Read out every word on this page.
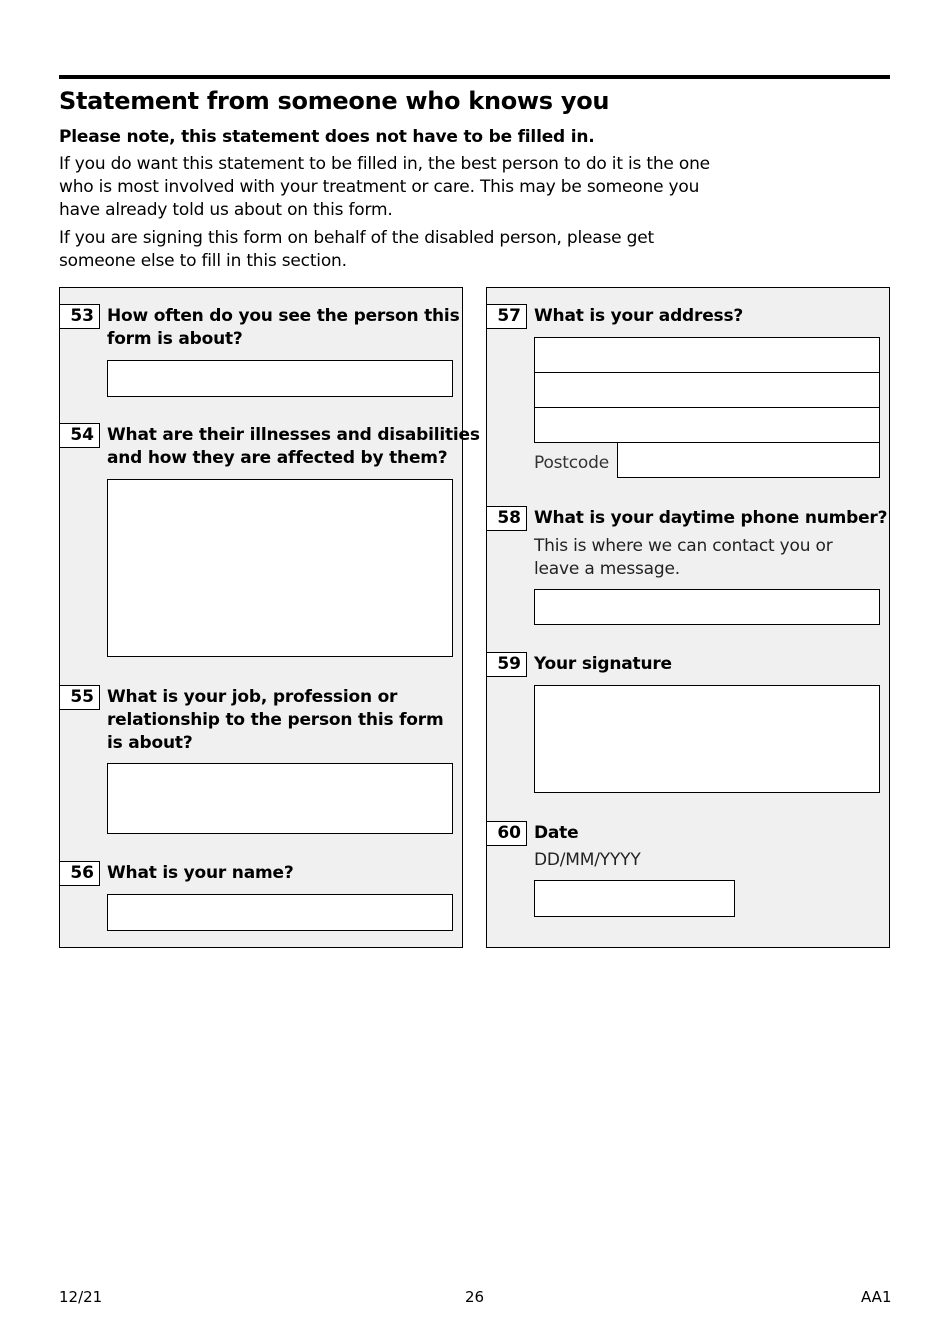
Statement from someone who knows you
Please note, this statement does not have to be filled in.
If you do want this statement to be filled in, the best person to do it is the one
who is most involved with your treatment or care. This may be someone you
have already told us about on this form.
If you are signing this form on behalf of the disabled person, please get
someone else to fill in this section.
53 How often do you see the person this
form is about?
54 What are their illnesses and disabilities
and how they are affected by them?
55 What is your job, profession or
relationship to the person this form
is about?
56 What is your name?
57 What is your address?
Postcode
58 What is your daytime phone number?
This is where we can contact you or
leave a message.
59 Your signature
60 Date
DD/MM/YYYY
12/21	26	AA1
